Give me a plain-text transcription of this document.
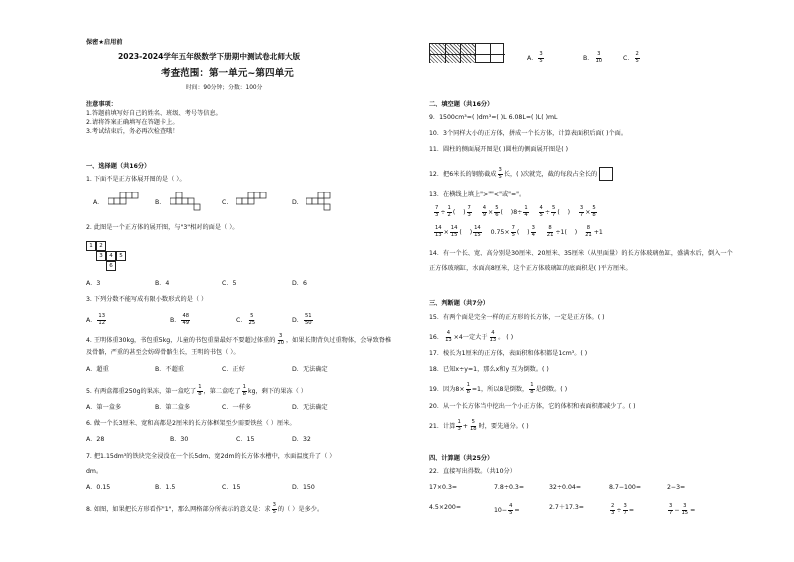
保密★启用前
2023-2024学年五年级数学下册期中测试卷北师大版
考查范围：第一单元~第四单元
时间：90分钟；分数：100分
注意事项：
1.答题前填写好自己的姓名、班级、考号等信息。
2.请将答案正确填写在答题卡上。
3.考试结束后，务必再次检查哦！
一、选择题（共16分）
1. 下面不是正方体展开图的是（ ）。
A.	B.	C.	D.
2. 此图是一个正方体的展开图，与"3"相对的面是（ ）。
1	2
3	4	5
6
A．3	B．4	C．5	D．6
3. 下列分数不能写成有限小数形式的是（ ）
A． $\frac{13}{12}$	B． $\frac{48}{49}$	C． $\frac{5}{25}$	D． $\frac{51}{50}$
4. 王明体重30kg，书包重5kg，儿童的书包重量最好不要超过体重的 $\frac{3}{20}$ ，如果长期背负过重物体，会导致脊椎
及骨骼，严重的甚至会妨碍骨骼生长，王明的书包（ ）。
A．超重	B．不超重	C．正好	D．无法确定
5. 有两盒都重250g的果冻，第一盒吃了 $\frac{1}{8}$ ，第二盒吃了 $\frac{1}{8}$ kg，剩下的果冻（ ）
A．第一盒多	B．第二盒多	C．一样多	D．无法确定
6. 做一个长3厘米、宽和高都是2厘米的长方体框架至少需要铁丝（ ）厘米。
A．28	B．30	C．15	D．32
7. 把1.15dm³的铁块完全浸没在一个长5dm、宽2dm的长方体水槽中，水面温度升了（ ）
dm。
A．0.15	B．1.5	C．15	D．150
8. 如图，如果把长方形看作"1"，那么网格部分所表示的意义是：求 $\frac{3}{5}$ 的（ ）是多少。
A． $\frac{3}{5}$	B． $\frac{3}{10}$	C． $\frac{2}{5}$
二、填空题（共16分）
9．1500cm³=( )dm³=( )L 6.08L=( )L( )mL
10．3个同样大小的正方体，拼成一个长方体，计算表面积后面( )个面。
11．圆柱的侧面展开图是( )圆柱的侧面展开图是( )
12．把6米长的钢筋截成 $\frac{3}{5}$ 长，( )次就完，截的每段占全长的
13．在横线上填上">""<"或"="。
$\frac{7}{3} \div \frac{1}{2}$ (    ) $\frac{7}{3}$
$\frac{4}{9} \times \frac{5}{6}$ (    )$8\div \frac{1}{4}$
$\frac{4}{5} \div \frac{5}{7}$ (    ) $\frac{3}{7} \times \frac{5}{8}$
$\frac{14}{13} \times \frac{14}{15}$ (    ) $\frac{14}{15} 0.75\times \frac{7}{5}$ (    ) $\frac{3}{4}$
$\frac{8}{21} \div 1$(    ) $\frac{8}{21} +1$
14．有一个长、宽、高分别是30厘米、20厘米、35厘米（从里面量）的长方体玻璃鱼缸，盛满水后，倒入一个
正方体玻璃缸，水面高8厘米，这个正方体玻璃缸的底面积是( )平方厘米。
三、判断题（共7分）
15．有两个面是完全一样的正方形的长方体，一定是正方体。( )
16． $\frac{4}{13} \times 4$一定大于 $\frac{4}{13}$ 。 ( )
17．棱长为1厘米的正方体，表面积和体积都是1cm³。( )
18．已知x÷y=1，那么x和y 互为倒数。( )
19．因为$8\times \frac{1}{8} =1$，所以8是倒数， $\frac{1}{8}$ 是倒数。( )
20．从一个长方体当中挖出一个小正方体，它的体积和表面积都减少了。( )
21．计算 $\frac{1}{3} + \frac{5}{18}$ 时，要先通分。( )
四、计算题（共25分）
22．直接写出得数。（共10分）
17×0.3=	7.8÷0.3=	32÷0.04=	8.7−100=	2−3=
4.5×200=	$10- \frac{4}{5}$ =	2.7＋17.3=	$\frac{2}{3} \div \frac{3}{7}$ =	$\frac{3}{7} - \frac{3}{15}$ =
